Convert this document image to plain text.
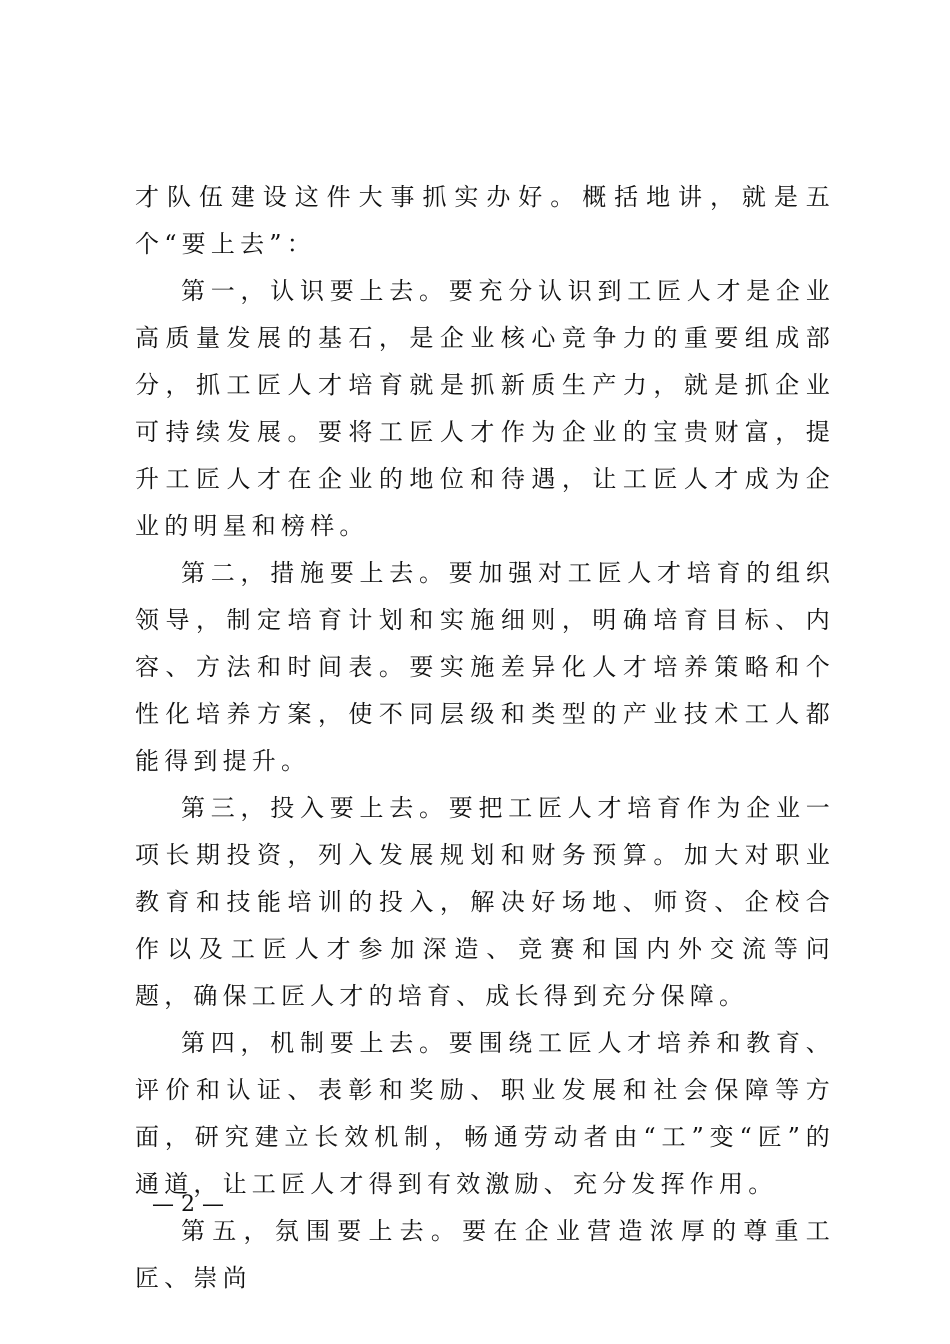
才队伍建设这件大事抓实办好。概括地讲，就是五个“要上去”：

第一，认识要上去。要充分认识到工匠人才是企业高质量发展的基石，是企业核心竞争力的重要组成部分，抓工匠人才培育就是抓新质生产力，就是抓企业可持续发展。要将工匠人才作为企业的宝贵财富，提升工匠人才在企业的地位和待遇，让工匠人才成为企业的明星和榜样。

第二，措施要上去。要加强对工匠人才培育的组织领导，制定培育计划和实施细则，明确培育目标、内容、方法和时间表。要实施差异化人才培养策略和个性化培养方案，使不同层级和类型的产业技术工人都能得到提升。

第三，投入要上去。要把工匠人才培育作为企业一项长期投资，列入发展规划和财务预算。加大对职业教育和技能培训的投入，解决好场地、师资、企校合作以及工匠人才参加深造、竞赛和国内外交流等问题，确保工匠人才的培育、成长得到充分保障。

第四，机制要上去。要围绕工匠人才培养和教育、评价和认证、表彰和奖励、职业发展和社会保障等方面，研究建立长效机制，畅通劳动者由“工”变“匠”的通道，让工匠人才得到有效激励、充分发挥作用。

第五，氛围要上去。要在企业营造浓厚的尊重工匠、崇尚

— 2 —
